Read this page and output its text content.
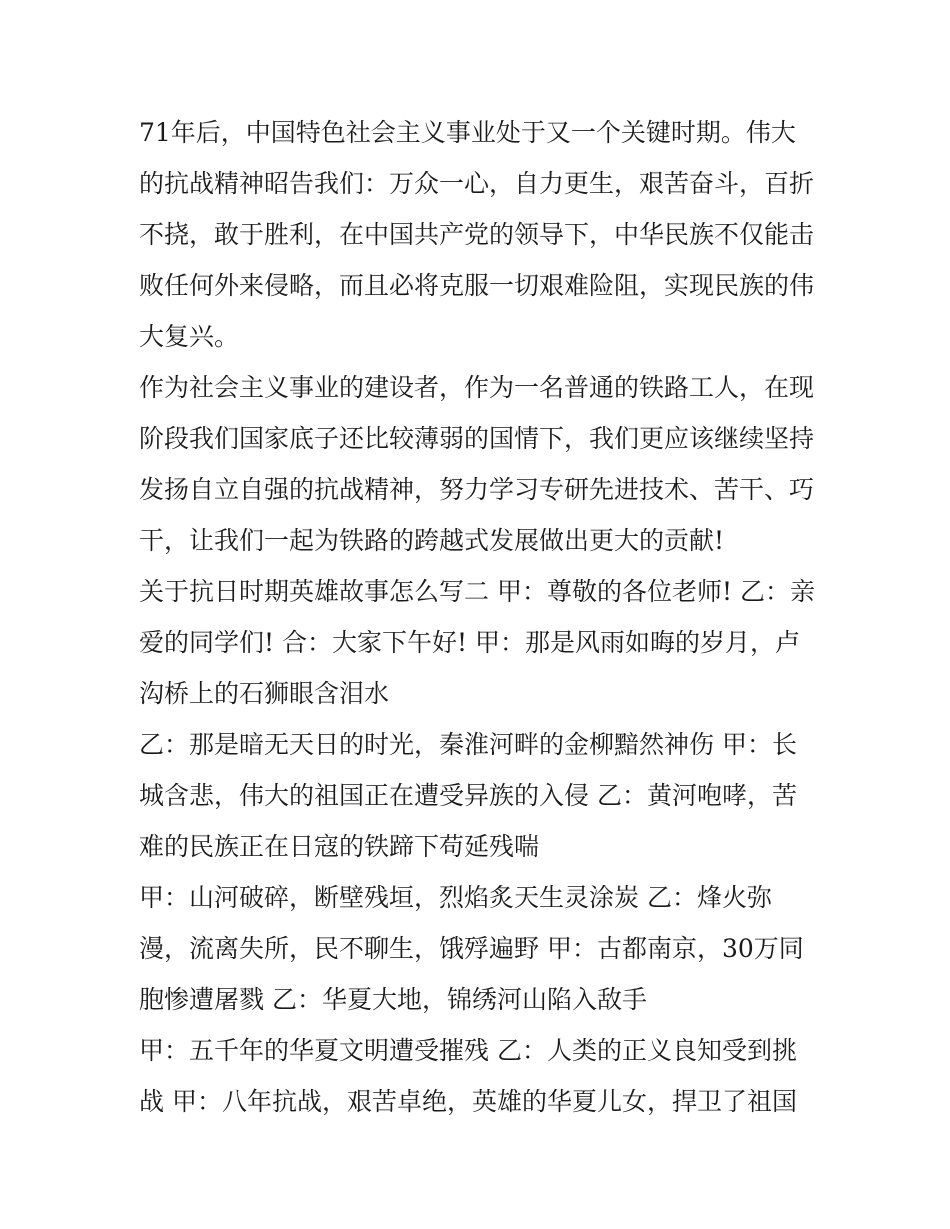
71年后，中国特色社会主义事业处于又一个关键时期。伟大
的抗战精神昭告我们：万众一心，自力更生，艰苦奋斗，百折
不挠，敢于胜利，在中国共产党的领导下，中华民族不仅能击
败任何外来侵略，而且必将克服一切艰难险阻，实现民族的伟
大复兴。
作为社会主义事业的建设者，作为一名普通的铁路工人，在现
阶段我们国家底子还比较薄弱的国情下，我们更应该继续坚持
发扬自立自强的抗战精神，努力学习专研先进技术、苦干、巧
干，让我们一起为铁路的跨越式发展做出更大的贡献!
关于抗日时期英雄故事怎么写二 甲：尊敬的各位老师! 乙：亲
爱的同学们! 合：大家下午好! 甲：那是风雨如晦的岁月，卢
沟桥上的石狮眼含泪水
乙：那是暗无天日的时光，秦淮河畔的金柳黯然神伤 甲：长
城含悲，伟大的祖国正在遭受异族的入侵 乙：黄河咆哮，苦
难的民族正在日寇的铁蹄下苟延残喘
甲：山河破碎，断壁残垣，烈焰炙天生灵涂炭 乙：烽火弥
漫，流离失所，民不聊生，饿殍遍野 甲：古都南京，30万同
胞惨遭屠戮 乙：华夏大地，锦绣河山陷入敌手
甲：五千年的华夏文明遭受摧残 乙：人类的正义良知受到挑
战 甲：八年抗战，艰苦卓绝，英雄的华夏儿女，捍卫了祖国
